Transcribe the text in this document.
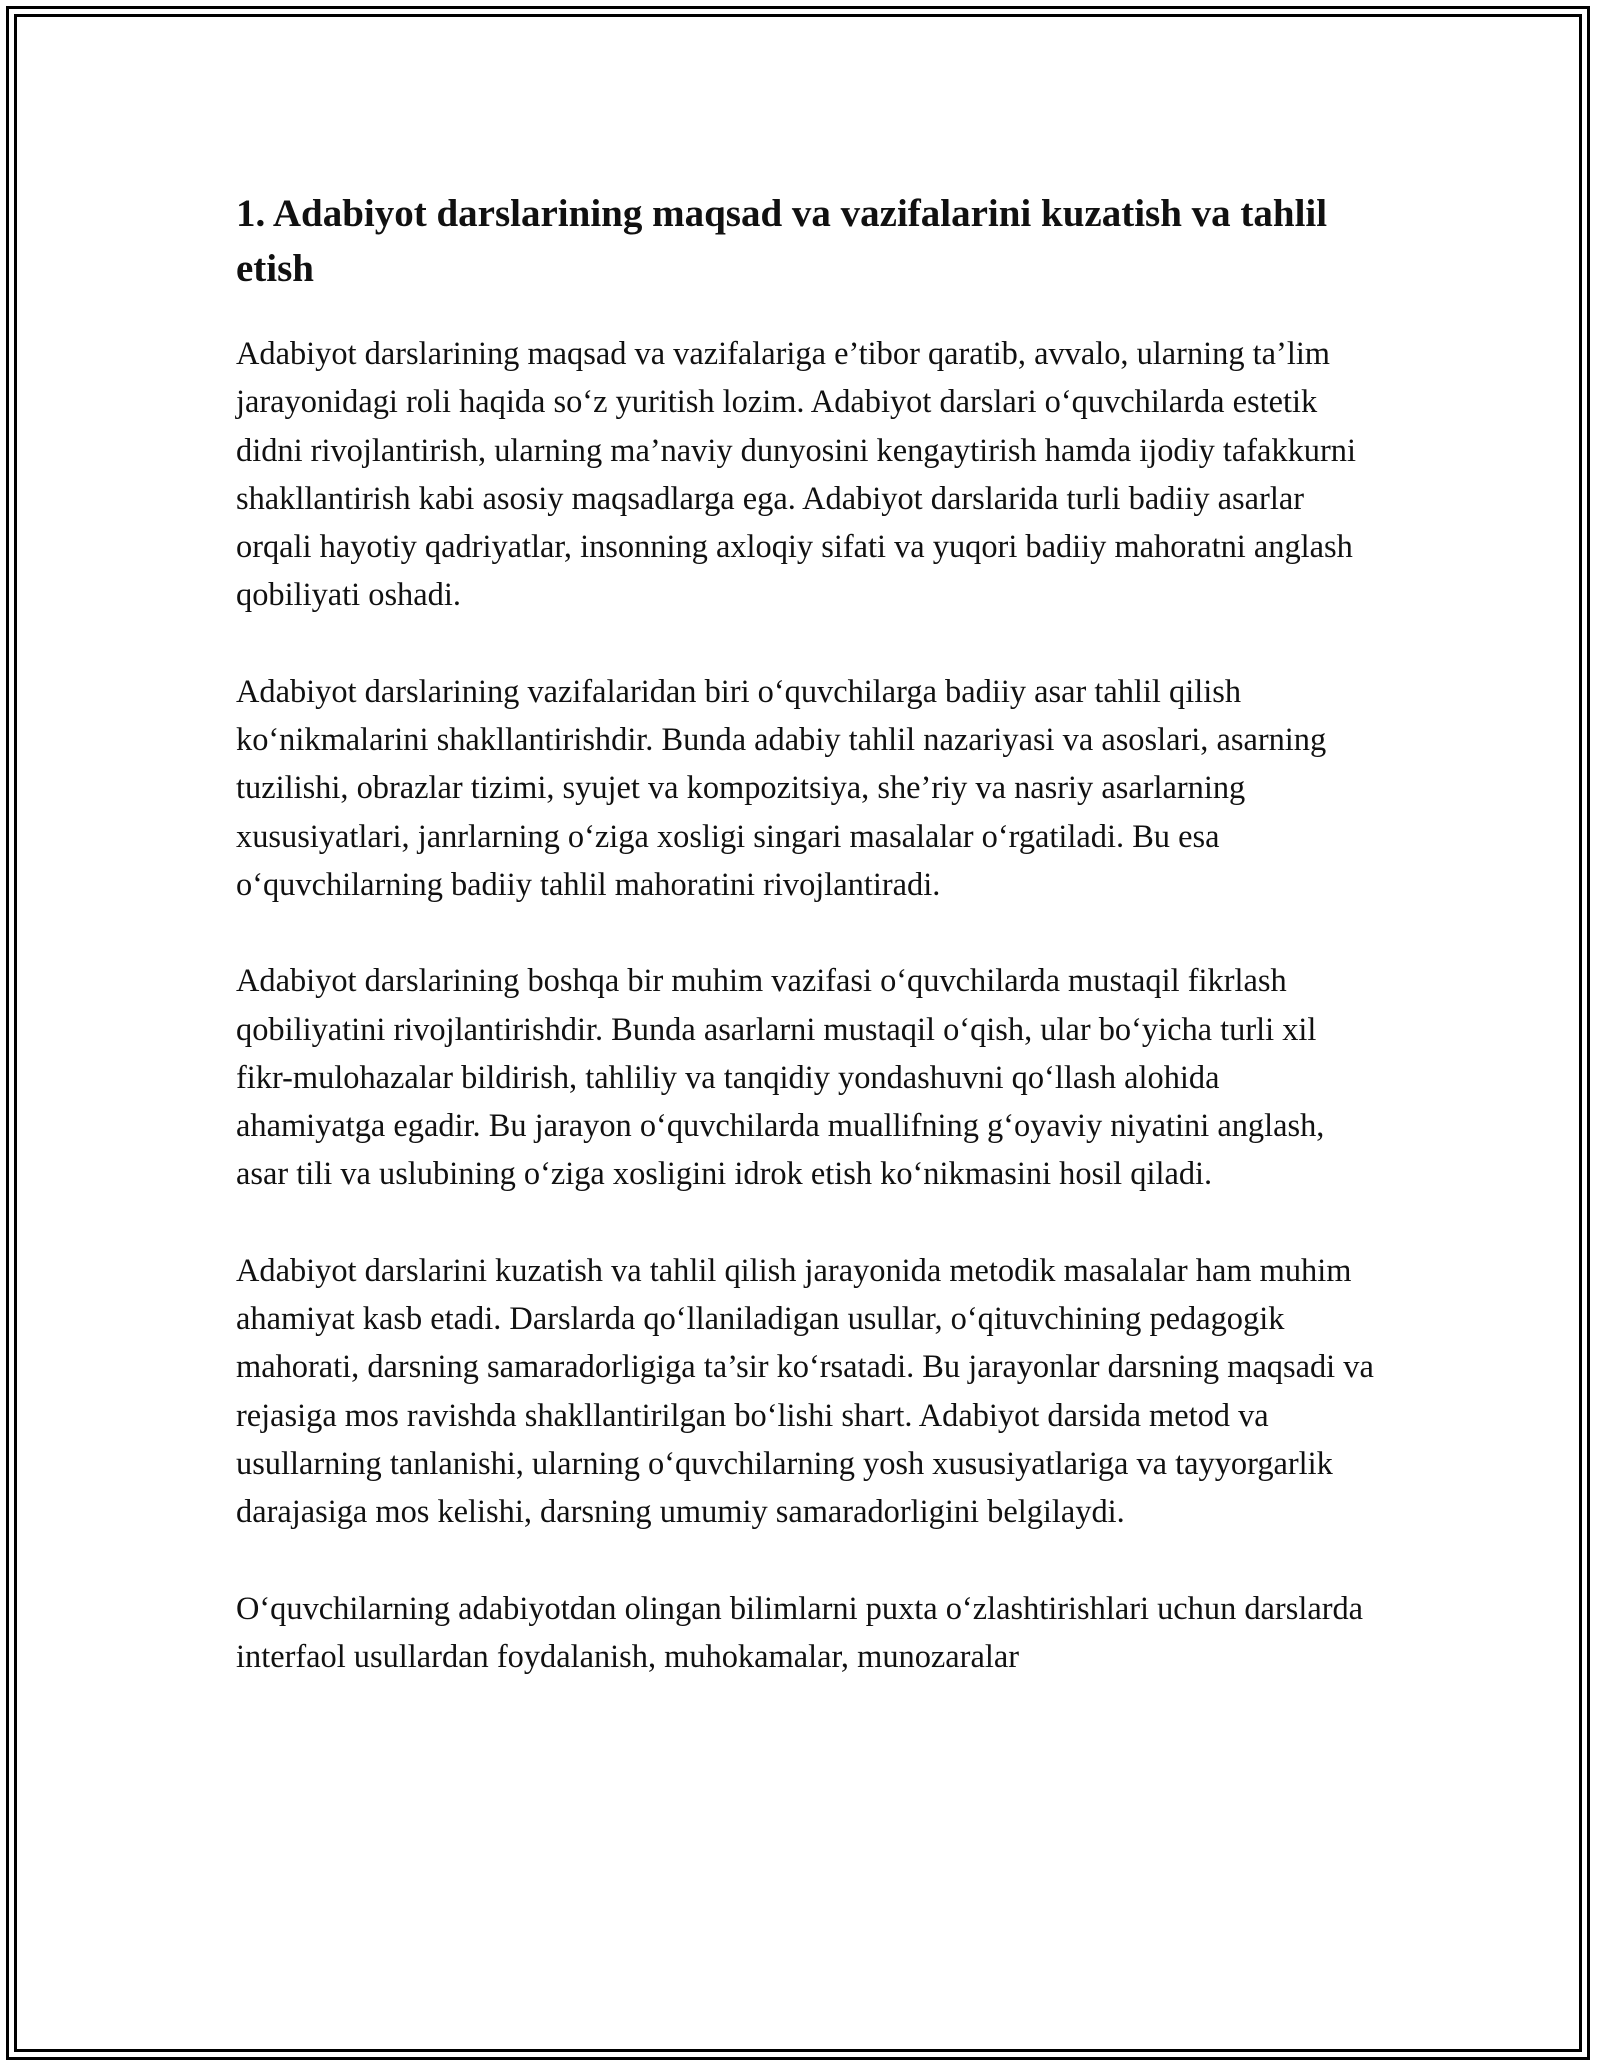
1. Adabiyot darslarining maqsad va vazifalarini kuzatish va tahlil etish

Adabiyot darslarining maqsad va vazifalariga e’tibor qaratib, avvalo, ularning ta’lim jarayonidagi roli haqida so‘z yuritish lozim. Adabiyot darslari o‘quvchilarda estetik didni rivojlantirish, ularning ma’naviy dunyosini kengaytirish hamda ijodiy tafakkurni shakllantirish kabi asosiy maqsadlarga ega. Adabiyot darslarida turli badiiy asarlar orqali hayotiy qadriyatlar, insonning axloqiy sifati va yuqori badiiy mahoratni anglash qobiliyati oshadi.

Adabiyot darslarining vazifalaridan biri o‘quvchilarga badiiy asar tahlil qilish ko‘nikmalarini shakllantirishdir. Bunda adabiy tahlil nazariyasi va asoslari, asarning tuzilishi, obrazlar tizimi, syujet va kompozitsiya, she’riy va nasriy asarlarning xususiyatlari, janrlarning o‘ziga xosligi singari masalalar o‘rgatiladi. Bu esa o‘quvchilarning badiiy tahlil mahoratini rivojlantiradi.

Adabiyot darslarining boshqa bir muhim vazifasi o‘quvchilarda mustaqil fikrlash qobiliyatini rivojlantirishdir. Bunda asarlarni mustaqil o‘qish, ular bo‘yicha turli xil fikr-mulohazalar bildirish, tahliliy va tanqidiy yondashuvni qo‘llash alohida ahamiyatga egadir. Bu jarayon o‘quvchilarda muallifning g‘oyaviy niyatini anglash, asar tili va uslubining o‘ziga xosligini idrok etish ko‘nikmasini hosil qiladi.

Adabiyot darslarini kuzatish va tahlil qilish jarayonida metodik masalalar ham muhim ahamiyat kasb etadi. Darslarda qo‘llaniladigan usullar, o‘qituvchining pedagogik mahorati, darsning samaradorligiga ta’sir ko‘rsatadi. Bu jarayonlar darsning maqsadi va rejasiga mos ravishda shakllantirilgan bo‘lishi shart. Adabiyot darsida metod va usullarning tanlanishi, ularning o‘quvchilarning yosh xususiyatlariga va tayyorgarlik darajasiga mos kelishi, darsning umumiy samaradorligini belgilaydi.

O‘quvchilarning adabiyotdan olingan bilimlarni puxta o‘zlashtirishlari uchun darslarda interfaol usullardan foydalanish, muhokamalar, munozaralar
